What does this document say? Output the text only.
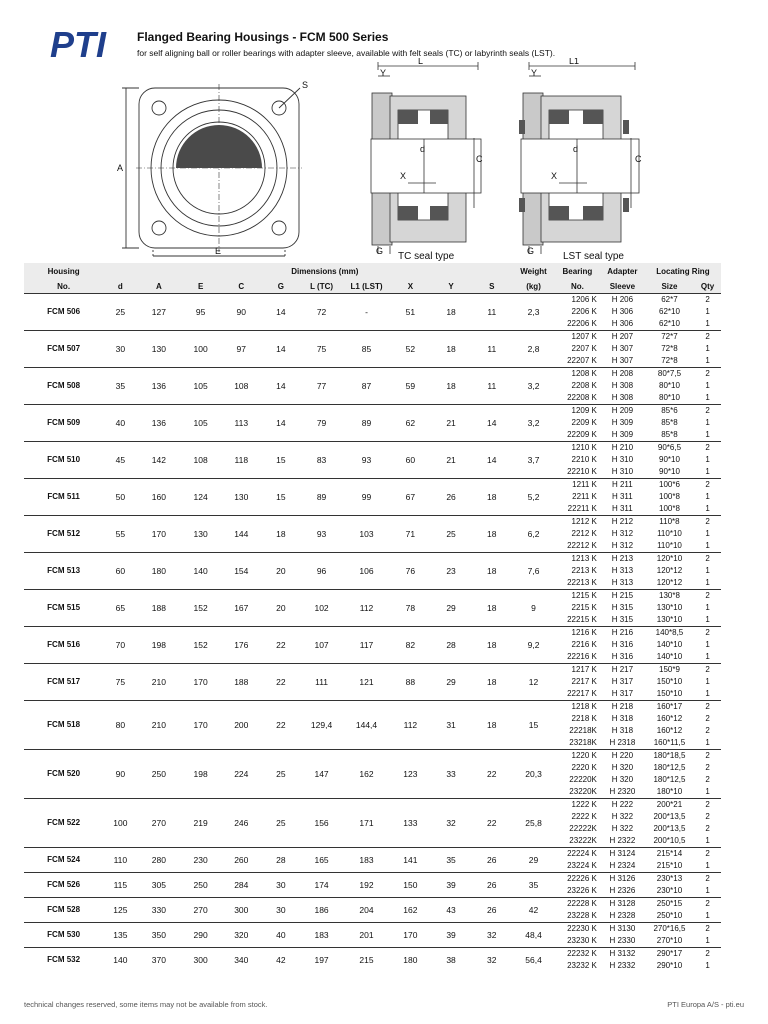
PTI	Flanged Bearing Housings - FCM 500 Series
for self aligning ball or roller bearings with adapter sleeve, available with felt seals (TC) or labyrinth seals (LST).
S
A
E
Y
L
d
X
C
G TC seal type
Y
L1
d
X
C
G	LST seal type
Housing		Dimensions (mm)									Weight	Bearing	Adapter	Locating Ring	
No.	d	A	E	C	G	L (TC)	L1 (LST)	X	Y	S	(kg)	No.	Sleeve	Size	Qty
FCM 506	25	127	95	90	14	72	-	51	18	11	2,3	1206 K	H 206	62*7	2
												2206 K	H 306	62*10	1
												22206 K	H 306	62*10	1
FCM 507	30	130	100	97	14	75	85	52	18	11	2,8	1207 K	H 207	72*7	2
												2207 K	H 307	72*8	1
												22207 K	H 307	72*8	1
FCM 508	35	136	105	108	14	77	87	59	18	11	3,2	1208 K	H 208	80*7,5	2
												2208 K	H 308	80*10	1
												22208 K	H 308	80*10	1
FCM 509	40	136	105	113	14	79	89	62	21	14	3,2	1209 K	H 209	85*6	2
												2209 K	H 309	85*8	1
												22209 K	H 309	85*8	1
FCM 510	45	142	108	118	15	83	93	60	21	14	3,7	1210 K	H 210	90*6,5	2
												2210 K	H 310	90*10	1
												22210 K	H 310	90*10	1
FCM 511	50	160	124	130	15	89	99	67	26	18	5,2	1211 K	H 211	100*6	2
												2211 K	H 311	100*8	1
												22211 K	H 311	100*8	1
FCM 512	55	170	130	144	18	93	103	71	25	18	6,2	1212 K	H 212	110*8	2
												2212 K	H 312	110*10	1
												22212 K	H 312	110*10	1
FCM 513	60	180	140	154	20	96	106	76	23	18	7,6	1213 K	H 213	120*10	2
												2213 K	H 313	120*12	1
												22213 K	H 313	120*12	1
FCM 515	65	188	152	167	20	102	112	78	29	18	9	1215 K	H 215	130*8	2
												2215 K	H 315	130*10	1
												22215 K	H 315	130*10	1
FCM 516	70	198	152	176	22	107	117	82	28	18	9,2	1216 K	H 216	140*8,5	2
												2216 K	H 316	140*10	1
												22216 K	H 316	140*10	1
FCM 517	75	210	170	188	22	111	121	88	29	18	12	1217 K	H 217	150*9	2
												2217 K	H 317	150*10	1
												22217 K	H 317	150*10	1
FCM 518	80	210	170	200	22	129,4	144,4	112	31	18	15	1218 K	H 218	160*17	2
												2218 K	H 318	160*12	2
												22218K	H 318	160*12	2
												23218K	H 2318	160*11,5	1
FCM 520	90	250	198	224	25	147	162	123	33	22	20,3	1220 K	H 220	180*18,5	2
												2220 K	H 320	180*12,5	2
												22220K	H 320	180*12,5	2
												23220K	H 2320	180*10	1
FCM 522	100	270	219	246	25	156	171	133	32	22	25,8	1222 K	H 222	200*21	2
												2222 K	H 322	200*13,5	2
												22222K	H 322	200*13,5	2
												23222K	H 2322	200*10,5	1
FCM 524	110	280	230	260	28	165	183	141	35	26	29	22224 K	H 3124	215*14	2
												23224 K	H 2324	215*10	1
FCM 526	115	305	250	284	30	174	192	150	39	26	35	22226 K	H 3126	230*13	2
												23226 K	H 2326	230*10	1
FCM 528	125	330	270	300	30	186	204	162	43	26	42	22228 K	H 3128	250*15	2
												23228 K	H 2328	250*10	1
FCM 530	135	350	290	320	40	183	201	170	39	32	48,4	22230 K	H 3130	270*16,5	2
												23230 K	H 2330	270*10	1
FCM 532	140	370	300	340	42	197	215	180	38	32	56,4	22232 K	H 3132	290*17	2
												23232 K	H 2332	290*10	1
technical changes reserved, some items may not be available from stock.	PTI Europa A/S - pti.eu
